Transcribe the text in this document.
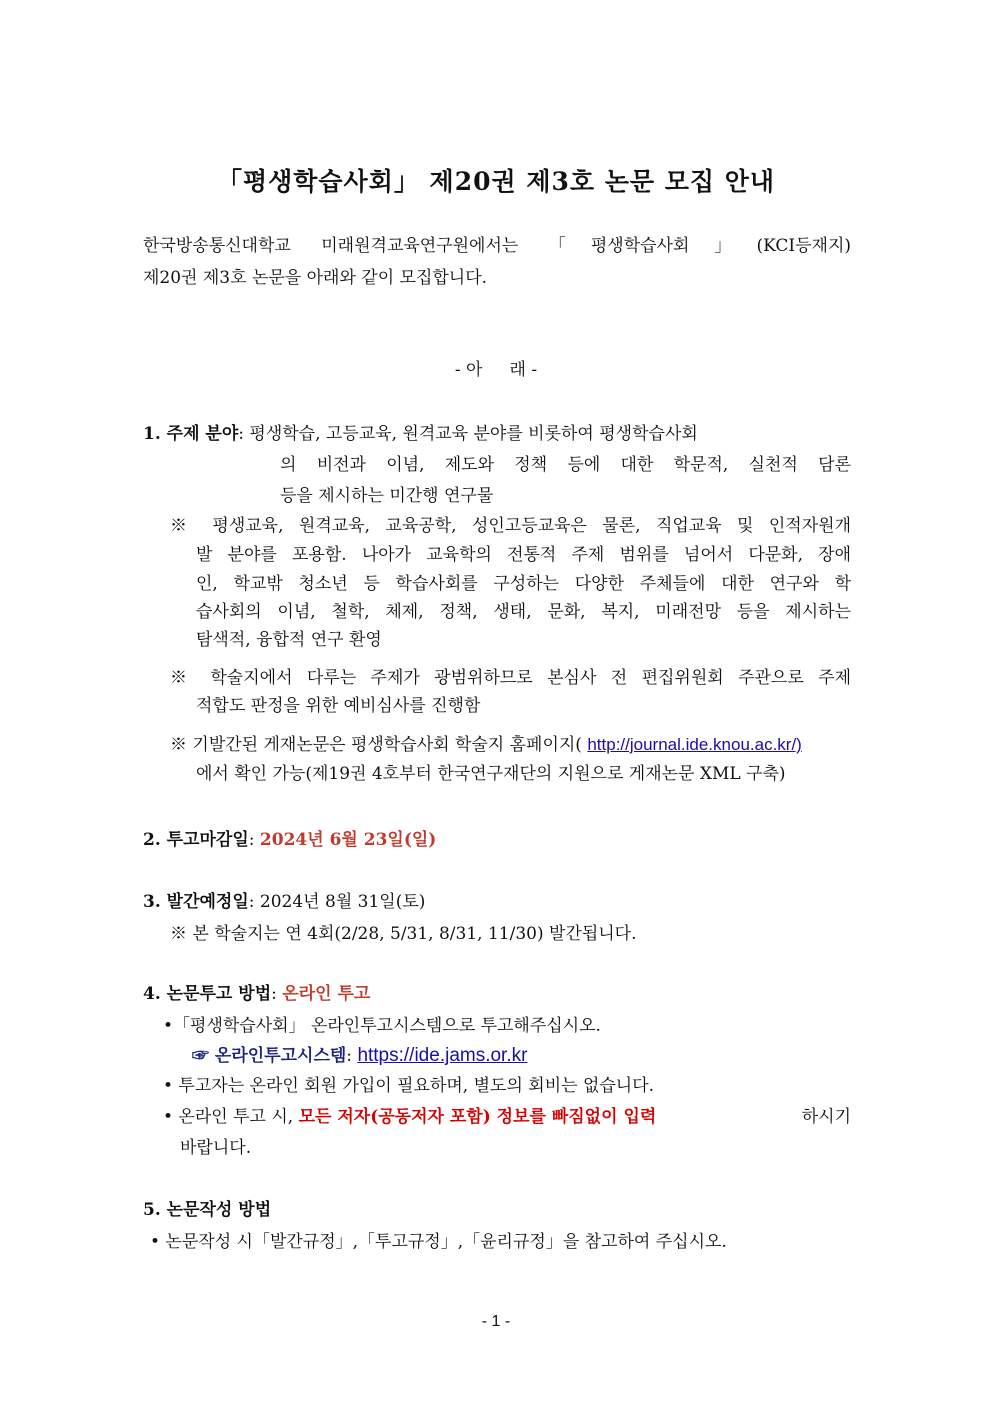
「평생학습사회」 제20권 제3호 논문 모집 안내
한국방송통신대학교 미래원격교육연구원에서는 「평생학습사회」(KCI등재지)
제20권 제3호 논문을 아래와 같이 모집합니다.
- 아     래 -
1. 주제 분야: 평생학습, 고등교육, 원격교육 분야를 비롯하여 평생학습사회
의 비전과 이념, 제도와 정책 등에 대한 학문적, 실천적 담론
등을 제시하는 미간행 연구물
※ 평생교육, 원격교육, 교육공학, 성인고등교육은 물론, 직업교육 및 인적자원개
발 분야를 포용함. 나아가 교육학의 전통적 주제 범위를 넘어서 다문화, 장애
인, 학교밖 청소년 등 학습사회를 구성하는 다양한 주체들에 대한 연구와 학
습사회의 이념, 철학, 체제, 정책, 생태, 문화, 복지, 미래전망 등을 제시하는
탐색적, 융합적 연구 환영
※ 학술지에서 다루는 주제가 광범위하므로 본심사 전 편집위원회 주관으로 주제
적합도 판정을 위한 예비심사를 진행함
※ 기발간된 게재논문은 평생학습사회 학술지 홈페이지( http://journal.ide.knou.ac.kr/)
에서 확인 가능(제19권 4호부터 한국연구재단의 지원으로 게재논문 XML 구축)
2. 투고마감일: 2024년 6월 23일(일)
3. 발간예정일: 2024년 8월 31일(토)
※ 본 학술지는 연 4회(2/28, 5/31, 8/31, 11/30) 발간됩니다.
4. 논문투고 방법: 온라인 투고
•「평생학습사회」 온라인투고시스템으로 투고해주십시오.
☞ 온라인투고시스템: https://ide.jams.or.kr
• 투고자는 온라인 회원 가입이 필요하며, 별도의 회비는 없습니다.
• 온라인 투고 시, 모든 저자(공동저자 포함) 정보를 빠짐없이 입력	하시기
바랍니다.
5. 논문작성 방법
• 논문작성 시「발간규정」,「투고규정」,「윤리규정」을 참고하여 주십시오.
- 1 -
